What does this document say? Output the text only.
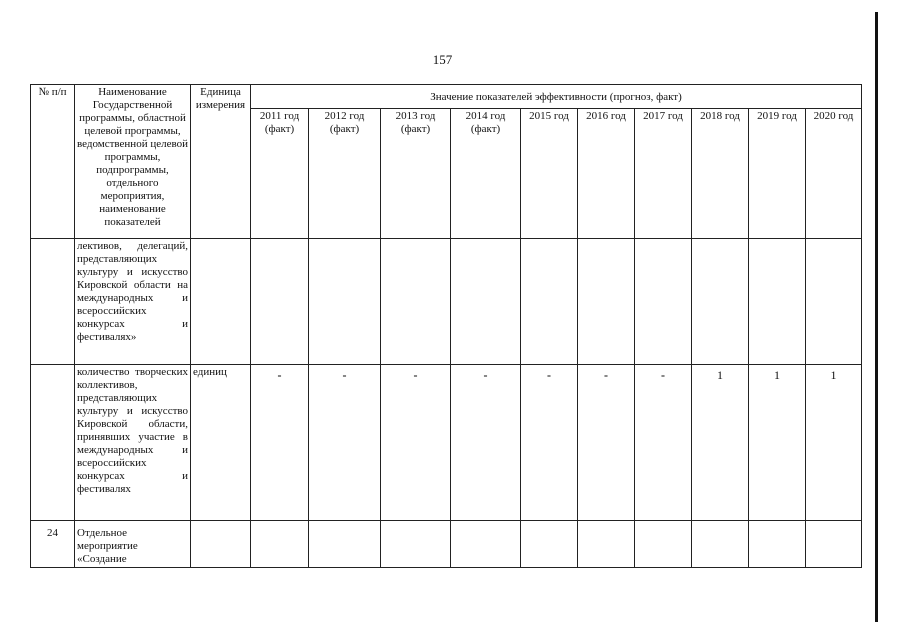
157
№ п/п	Наименование Государственной программы, областной целевой программы, ведомственной целевой программы, подпрограммы, отдельного мероприятия, наименование показателей	Единица измерения	Значение показателей эффективности (прогноз, факт)									
			2011 год (факт)	2012 год (факт)	2013 год (факт)	2014 год (факт)	2015 год	2016 год	2017 год	2018 год	2019 год	2020 год
	лективов, делегаций, представляющих культуру и искусство Кировской области на международных и всероссийских конкурсах и фестивалях»											
	количество творческих коллективов, представляющих культуру и искусство Кировской области, принявших участие в международных и всероссийских конкурсах и фестивалях	единиц	-	-	-	-	-	-	-	1	1	1
24	Отдельное мероприятие «Создание											
